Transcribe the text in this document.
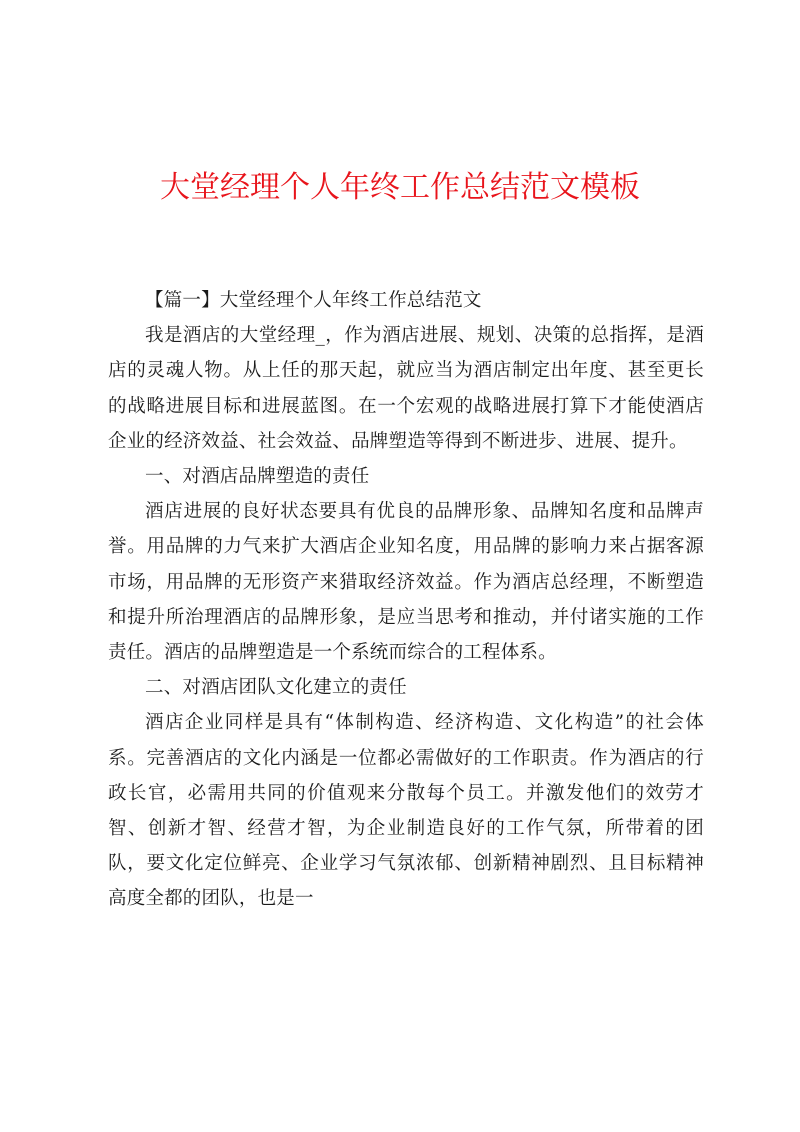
大堂经理个人年终工作总结范文模板

【篇一】大堂经理个人年终工作总结范文

我是酒店的大堂经理_，作为酒店进展、规划、决策的总指挥，是酒店的灵魂人物。从上任的那天起，就应当为酒店制定出年度、甚至更长的战略进展目标和进展蓝图。在一个宏观的战略进展打算下才能使酒店企业的经济效益、社会效益、品牌塑造等得到不断进步、进展、提升。

一、对酒店品牌塑造的责任

酒店进展的良好状态要具有优良的品牌形象、品牌知名度和品牌声誉。用品牌的力气来扩大酒店企业知名度，用品牌的影响力来占据客源市场，用品牌的无形资产来猎取经济效益。作为酒店总经理，不断塑造和提升所治理酒店的品牌形象，是应当思考和推动，并付诸实施的工作责任。酒店的品牌塑造是一个系统而综合的工程体系。

二、对酒店团队文化建立的责任

酒店企业同样是具有“体制构造、经济构造、文化构造”的社会体系。完善酒店的文化内涵是一位都必需做好的工作职责。作为酒店的行政长官，必需用共同的价值观来分散每个员工。并激发他们的效劳才智、创新才智、经营才智，为企业制造良好的工作气氛，所带着的团队，要文化定位鲜亮、企业学习气氛浓郁、创新精神剧烈、且目标精神高度全都的团队，也是一
